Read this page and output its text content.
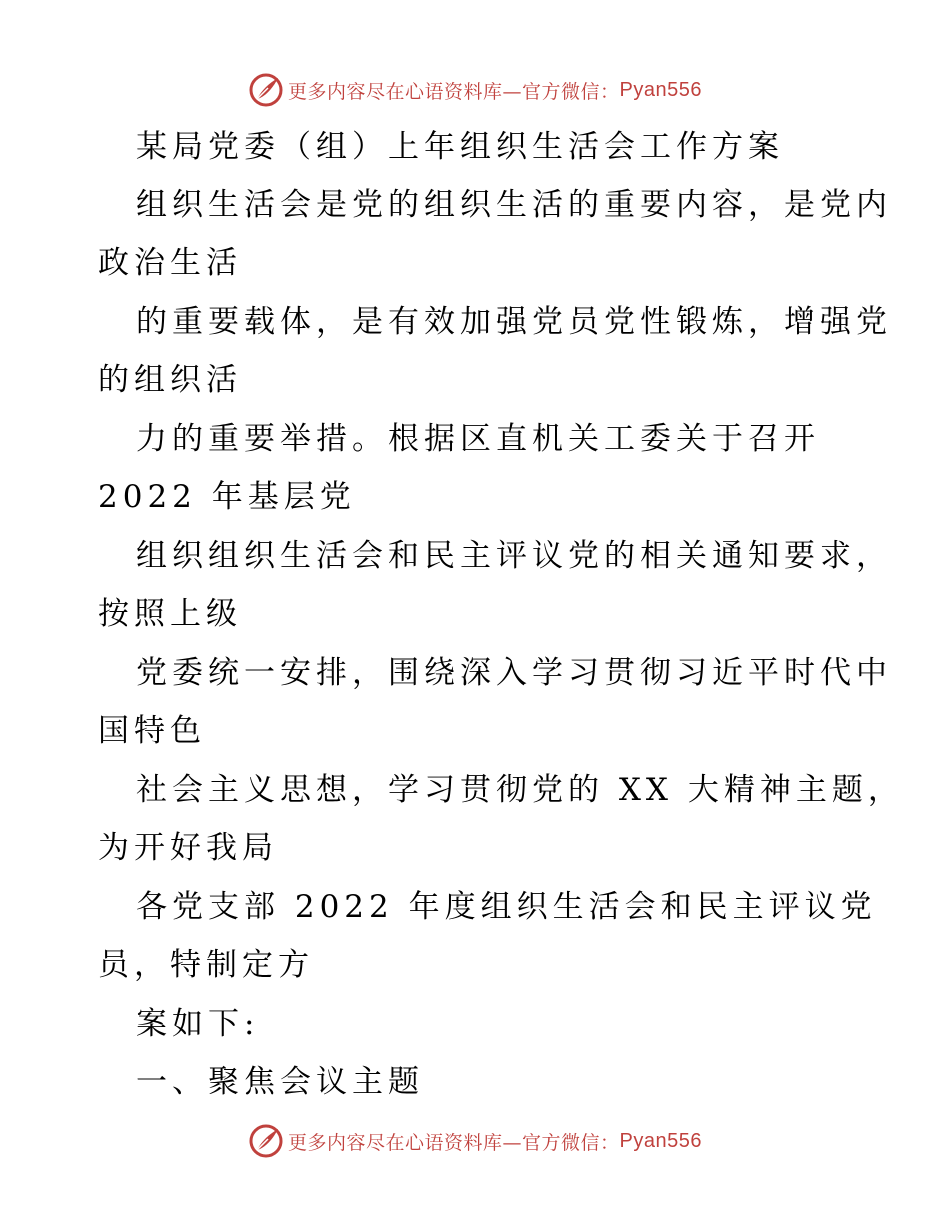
更多内容尽在心语资料库—官方微信： Pyan556
某局党委（组）上年组织生活会工作方案
组织生活会是党的组织生活的重要内容，是党内
政治生活
的重要载体，是有效加强党员党性锻炼，增强党
的组织活
力的重要举措。根据区直机关工委关于召开
2022 年基层党
组织组织生活会和民主评议党的相关通知要求，
按照上级
党委统一安排，围绕深入学习贯彻习近平时代中
国特色
社会主义思想，学习贯彻党的 XX 大精神主题，
为开好我局
各党支部 2022 年度组织生活会和民主评议党
员，特制定方
案如下:
一、聚焦会议主题
更多内容尽在心语资料库—官方微信： Pyan556
